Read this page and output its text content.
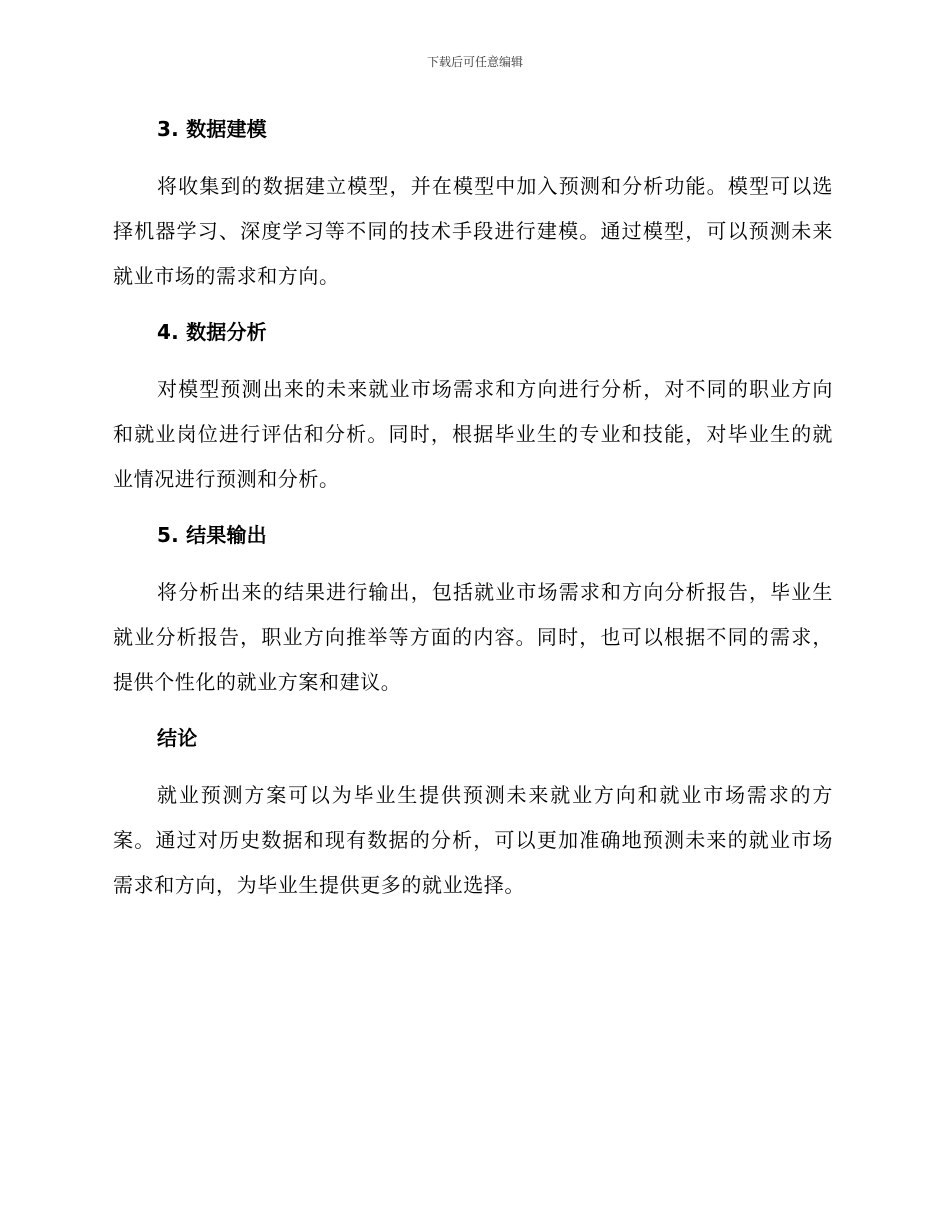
下载后可任意编辑
3. 数据建模

将收集到的数据建立模型，并在模型中加入预测和分析功能。模型可以选择机器学习、深度学习等不同的技术手段进行建模。通过模型，可以预测未来就业市场的需求和方向。

4. 数据分析

对模型预测出来的未来就业市场需求和方向进行分析，对不同的职业方向和就业岗位进行评估和分析。同时，根据毕业生的专业和技能，对毕业生的就业情况进行预测和分析。

5. 结果输出

将分析出来的结果进行输出，包括就业市场需求和方向分析报告，毕业生就业分析报告，职业方向推举等方面的内容。同时，也可以根据不同的需求，提供个性化的就业方案和建议。

结论

就业预测方案可以为毕业生提供预测未来就业方向和就业市场需求的方案。通过对历史数据和现有数据的分析，可以更加准确地预测未来的就业市场需求和方向，为毕业生提供更多的就业选择。
